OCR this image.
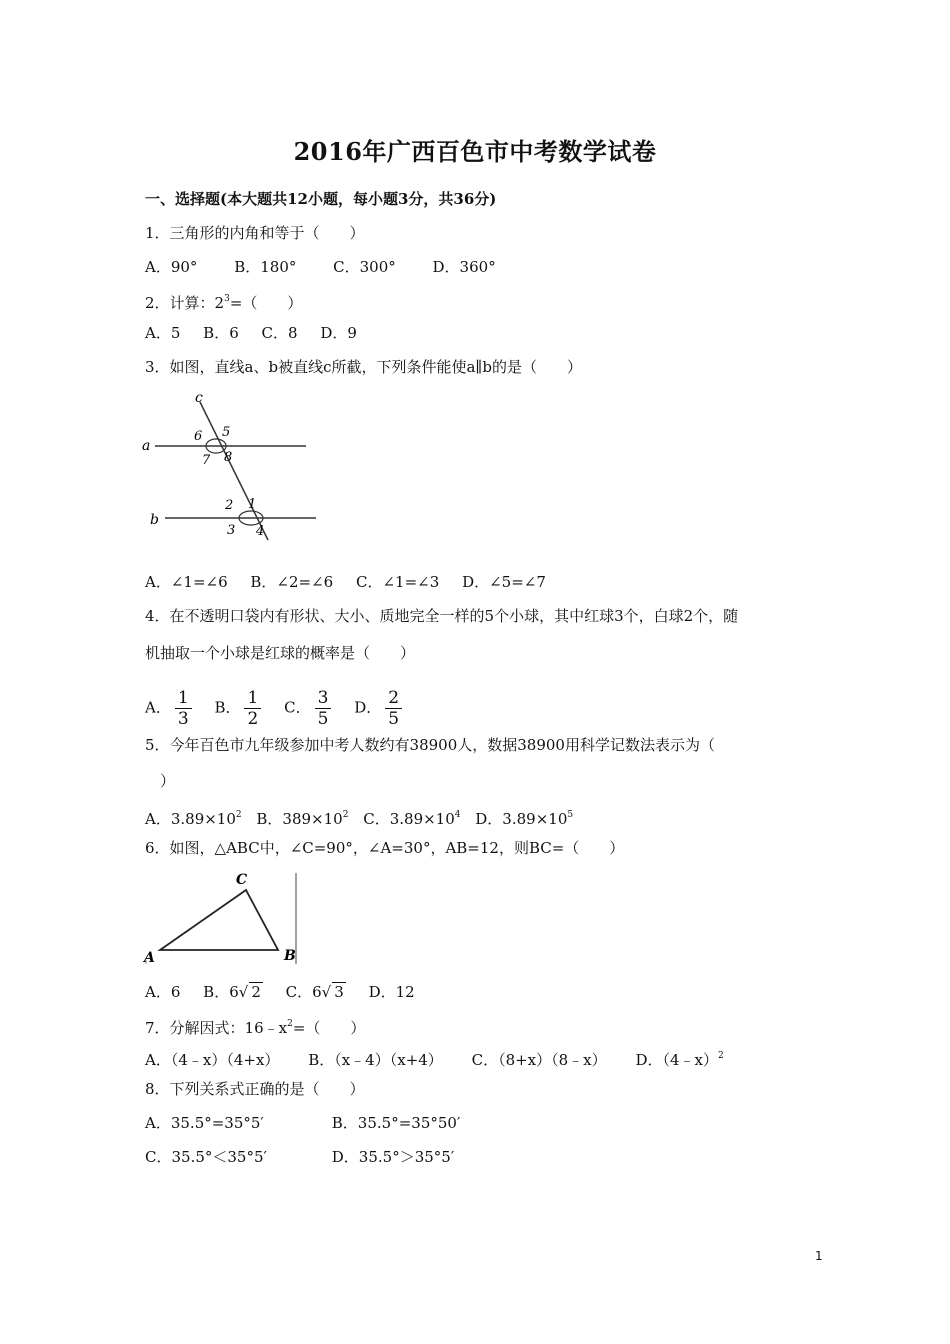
2016年广西百色市中考数学试卷
一、选择题(本大题共12小题，每小题3分，共36分)
1．三角形的内角和等于（　　）
A．90° B．180° C．300° D．360°
2．计算：$2^3=$（　　）
A．5 B．6 C．8 D．9
3．如图，直线a、b被直线c所截，下列条件能使a∥b的是（　　）
c
a
b
6 5
7 8
2 1
3 4
A．∠1=∠6 B．∠2=∠6 C．∠1=∠3 D．∠5=∠7
4．在不透明口袋内有形状、大小、质地完全一样的5个小球，其中红球3个，白球2个，随
机抽取一个小球是红球的概率是（　　）
A． $\frac{1}{3}$ B． $\frac{1}{2}$ C． $\frac{3}{5}$ D． $\frac{2}{5}$
5．今年百色市九年级参加中考人数约有38900人，数据38900用科学记数法表示为（
）
A．$3.89\times 10^2$ B．$389\times 10^2$ C．$3.89\times 10^4$ D．$3.89\times 10^5$
6．如图，△ABC中，∠C=90°，∠A=30°，AB=12，则BC=（　　）
C
A	B
A．6 B．6√ 2 C．6√ 3 D．12
7．分解因式：$16﹣x^2=$（　　）
A．（4﹣x）（4+x） B．（x﹣4）（x+4） C．（8+x）（8﹣x） D．（4﹣x）$^2$
8．下列关系式正确的是（　　）
A．35.5°=35°5′	B．35.5°=35°50′
C．35.5°＜35°5′	D．35.5°＞35°5′
1
